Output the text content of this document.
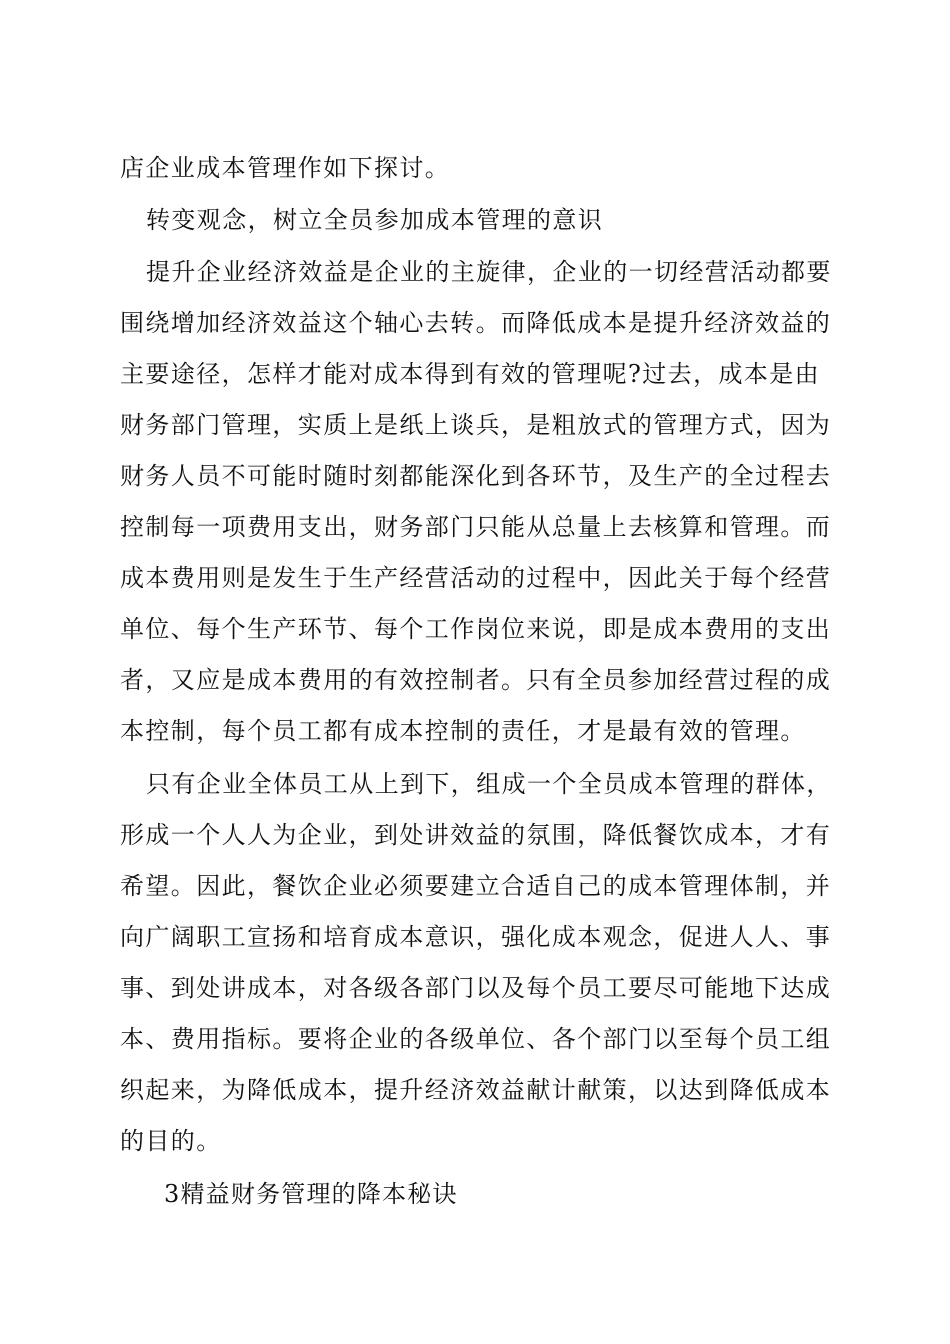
店企业成本管理作如下探讨。
转变观念，树立全员参加成本管理的意识
提升企业经济效益是企业的主旋律，企业的一切经营活动都要
围绕增加经济效益这个轴心去转。而降低成本是提升经济效益的
主要途径，怎样才能对成本得到有效的管理呢?过去，成本是由
财务部门管理，实质上是纸上谈兵，是粗放式的管理方式，因为
财务人员不可能时随时刻都能深化到各环节，及生产的全过程去
控制每一项费用支出，财务部门只能从总量上去核算和管理。而
成本费用则是发生于生产经营活动的过程中，因此关于每个经营
单位、每个生产环节、每个工作岗位来说，即是成本费用的支出
者，又应是成本费用的有效控制者。只有全员参加经营过程的成
本控制，每个员工都有成本控制的责任，才是最有效的管理。
只有企业全体员工从上到下，组成一个全员成本管理的群体，
形成一个人人为企业，到处讲效益的氛围，降低餐饮成本，才有
希望。因此，餐饮企业必须要建立合适自己的成本管理体制，并
向广阔职工宣扬和培育成本意识，强化成本观念，促进人人、事
事、到处讲成本，对各级各部门以及每个员工要尽可能地下达成
本、费用指标。要将企业的各级单位、各个部门以至每个员工组
织起来，为降低成本，提升经济效益献计献策，以达到降低成本
的目的。
3精益财务管理的降本秘诀
